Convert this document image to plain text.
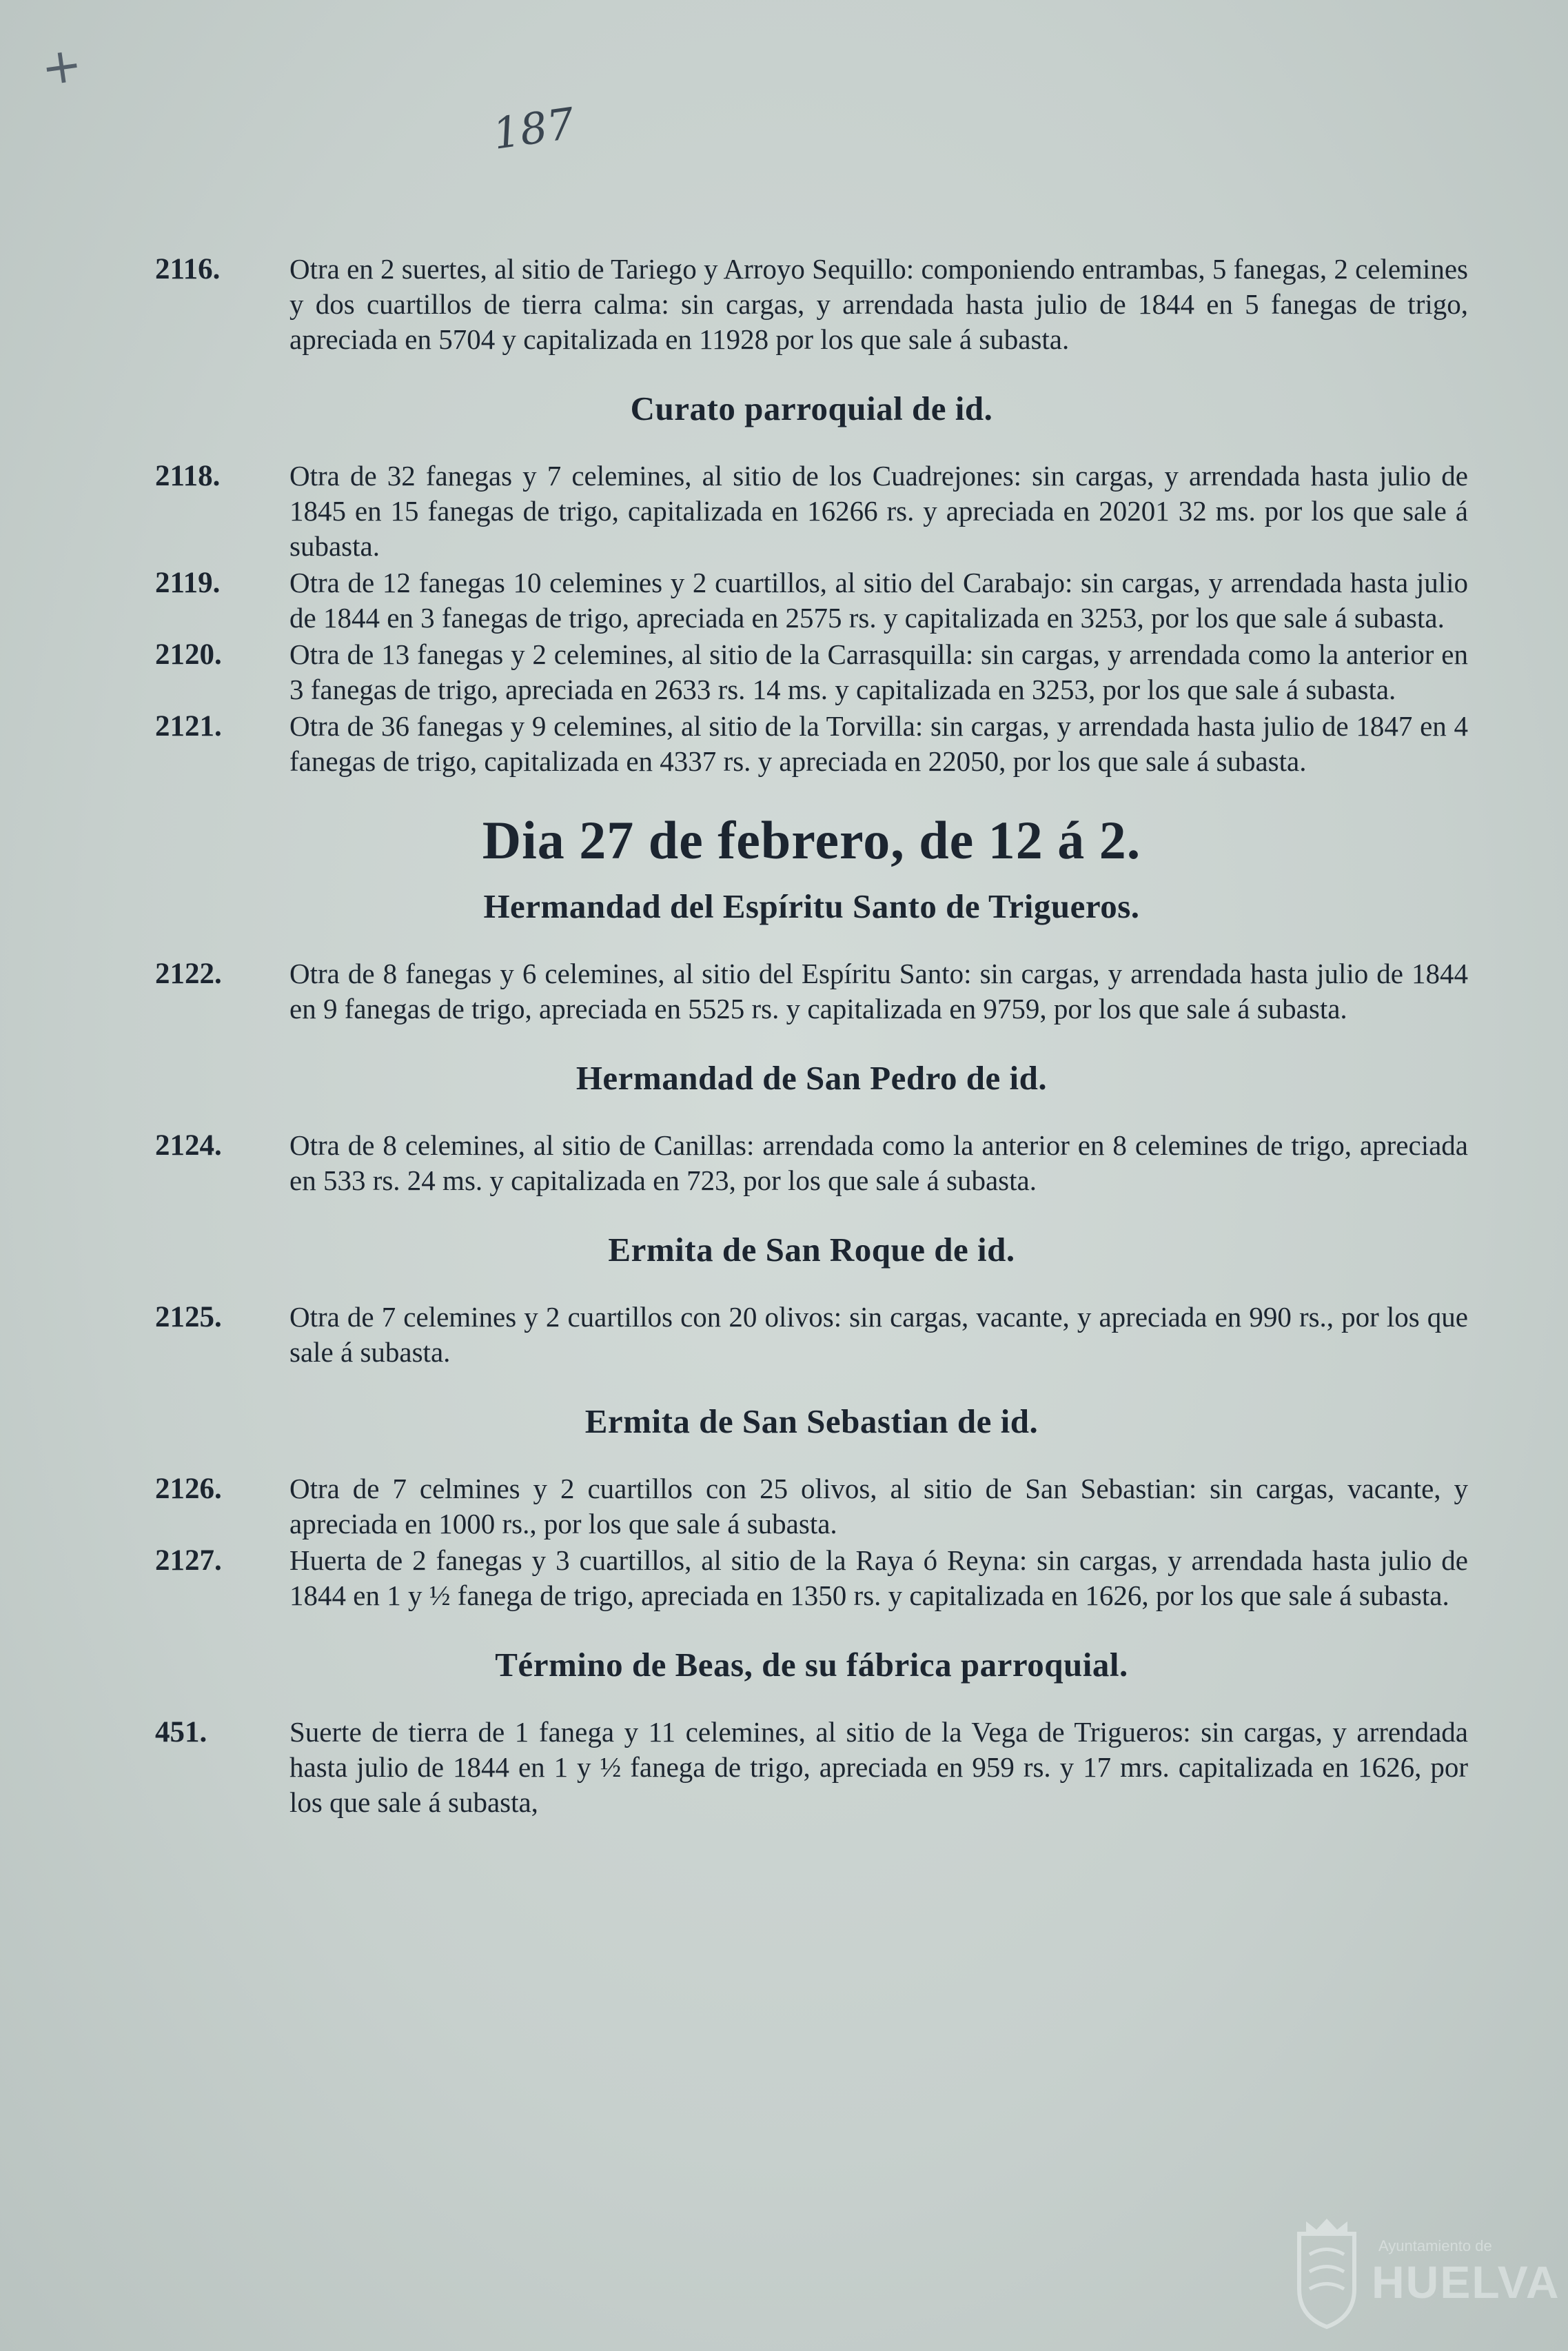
+
187

2116. Otra en 2 suertes, al sitio de Tariego y Arroyo Sequillo: componiendo entrambas, 5 fanegas, 2 celemines y dos cuartillos de tierra calma: sin cargas, y arrendada hasta julio de 1844 en 5 fanegas de trigo, apreciada en 5704 y capitalizada en 11928 por los que sale á subasta.

Curato parroquial de id.

2118. Otra de 32 fanegas y 7 celemines, al sitio de los Cuadrejones: sin cargas, y arrendada hasta julio de 1845 en 15 fanegas de trigo, capitalizada en 16266 rs. y apreciada en 20201 32 ms. por los que sale á subasta.

2119. Otra de 12 fanegas 10 celemines y 2 cuartillos, al sitio del Carabajo: sin cargas, y arrendada hasta julio de 1844 en 3 fanegas de trigo, apreciada en 2575 rs. y capitalizada en 3253, por los que sale á subasta.

2120. Otra de 13 fanegas y 2 celemines, al sitio de la Carrasquilla: sin cargas, y arrendada como la anterior en 3 fanegas de trigo, apreciada en 2633 rs. 14 ms. y capitalizada en 3253, por los que sale á subasta.

2121. Otra de 36 fanegas y 9 celemines, al sitio de la Torvilla: sin cargas, y arrendada hasta julio de 1847 en 4 fanegas de trigo, capitalizada en 4337 rs. y apreciada en 22050, por los que sale á subasta.

Dia 27 de febrero, de 12 á 2.
Hermandad del Espíritu Santo de Trigueros.

2122. Otra de 8 fanegas y 6 celemines, al sitio del Espíritu Santo: sin cargas, y arrendada hasta julio de 1844 en 9 fanegas de trigo, apreciada en 5525 rs. y capitalizada en 9759, por los que sale á subasta.

Hermandad de San Pedro de id.

2124. Otra de 8 celemines, al sitio de Canillas: arrendada como la anterior en 8 celemines de trigo, apreciada en 533 rs. 24 ms. y capitalizada en 723, por los que sale á subasta.

Ermita de San Roque de id.

2125. Otra de 7 celemines y 2 cuartillos con 20 olivos: sin cargas, vacante, y apreciada en 990 rs., por los que sale á subasta.

Ermita de San Sebastian de id.

2126. Otra de 7 celmines y 2 cuartillos con 25 olivos, al sitio de San Sebastian: sin cargas, vacante, y apreciada en 1000 rs., por los que sale á subasta.

2127. Huerta de 2 fanegas y 3 cuartillos, al sitio de la Raya ó Reyna: sin cargas, y arrendada hasta julio de 1844 en 1 y ½ fanega de trigo, apreciada en 1350 rs. y capitalizada en 1626, por los que sale á subasta.

Término de Beas, de su fábrica parroquial.

451.	Suerte de tierra de 1 fanega y 11 celemines, al sitio de la Vega de Trigueros: sin cargas, y arrendada hasta julio de 1844 en 1 y ½ fanega de trigo, apreciada en 959 rs. y 17 mrs. capitalizada en 1626, por los que sale á subasta,

Ayuntamiento de
HUELVA
